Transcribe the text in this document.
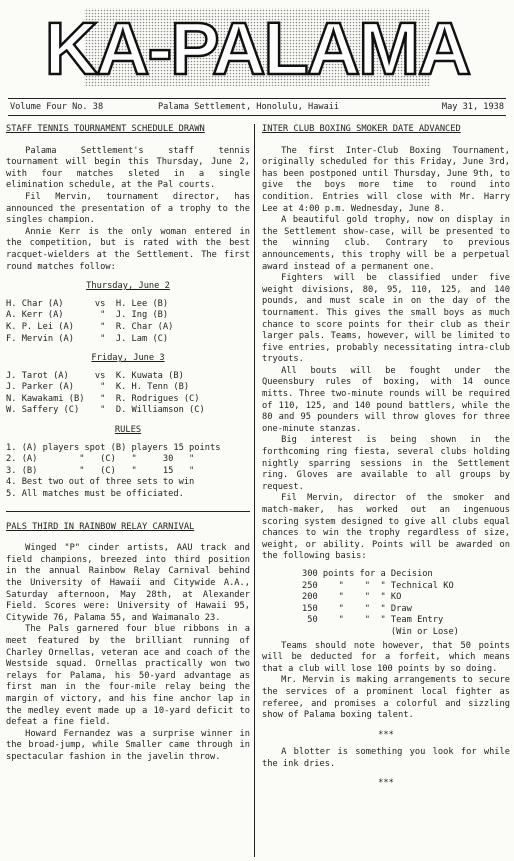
KA-PALAMA
Volume Four No. 38	Palama Settlement, Honolulu, Hawaii	May 31, 1938
STAFF TENNIS TOURNAMENT SCHEDULE DRAWN

Palama Settlement's staff tennis tournament will begin this Thursday, June 2, with four matches sleted in a single elimination schedule, at the Pal courts.

Fil Mervin, tournament director, has announced the presentation of a trophy to the singles champion.

Annie Kerr is the only woman entered in the competition, but is rated with the best racquet-wielders at the Settlement. The first round matches follow:

Thursday, June 2
H. Char (A)      vs  H. Lee (B)
A. Kerr (A)       "  J. Ing (B)
K. P. Lei (A)     "  R. Char (A)
F. Mervin (A)     "  J. Lam (C)
Friday, June 3
J. Tarot (A)     vs  K. Kuwata (B)
J. Parker (A)     "  K. H. Tenn (B)
N. Kawakami (B)   "  R. Rodrigues (C)
W. Saffery (C)    "  D. Williamson (C)
RULES
1. (A) players spot (B) players 15 points
2. (A)        "   (C)   "     30   "
3. (B)        "   (C)   "     15   "
4. Best two out of three sets to win
5. All matches must be officiated.
PALS THIRD IN RAINBOW RELAY CARNIVAL

Winged "P" cinder artists, AAU track and field champions, breezed into third position in the annual Rainbow Relay Carnival behind the University of Hawaii and Citywide A.A., Saturday afternoon, May 28th, at Alexander Field. Scores were: University of Hawaii 95, Citywide 76, Palama 55, and Waimanalo 23.

The Pals garnered four blue ribbons in a meet featured by the brilliant running of Charley Ornellas, veteran ace and coach of the Westside squad. Ornellas practically won two relays for Palama, his 50-yard advantage as first man in the four-mile relay being the margin of victory, and his fine anchor lap in the medley event made up a 10-yard deficit to defeat a fine field.

Howard Fernandez was a surprise winner in the broad-jump, while Smaller came through in spectacular fashion in the javelin throw.

INTER CLUB BOXING SMOKER DATE ADVANCED

The first Inter-Club Boxing Tournament, originally scheduled for this Friday, June 3rd, has been postponed until Thursday, June 9th, to give the boys more time to round into condition. Entries will close with Mr. Harry Lee at 4:00 p.m. Wednesday, June 8.

A beautiful gold trophy, now on display in the Settlement show-case, will be presented to the winning club. Contrary to previous announcements, this trophy will be a perpetual award instead of a permanent one.

Fighters will be classified under five weight divisions, 80, 95, 110, 125, and 140 pounds, and must scale in on the day of the tournament. This gives the small boys as much chance to score points for their club as their larger pals. Teams, however, will be limited to five entries, probably necessitating intra-club tryouts.

All bouts will be fought under the Queensbury rules of boxing, with 14 ounce mitts. Three two-minute rounds will be required of 110, 125, and 140 pound battlers, while the 80 and 95 pounders will throw gloves for three one-minute stanzas.

Big interest is being shown in the forthcoming ring fiesta, several clubs holding nightly sparring sessions in the Settlement ring. Gloves are available to all groups by request.

Fil Mervin, director of the smoker and match-maker, has worked out an ingenuous scoring system designed to give all clubs equal chances to win the trophy regardless of size, weight, or ability. Points will be awarded on the following basis:

300 points for a Decision
250    "    "  " Technical KO
200    "    "  " KO
150    "    "  " Draw
50    "    "  " Team Entry
(Win or Lose)

Teams should note however, that 50 points will be deducted for a forfeit, which means that a club will lose 100 points by so doing.

Mr. Mervin is making arrangements to secure the services of a prominent local fighter as referee, and promises a colorful and sizzling show of Palama boxing talent.

***

A blotter is something you look for while the ink dries.

***
